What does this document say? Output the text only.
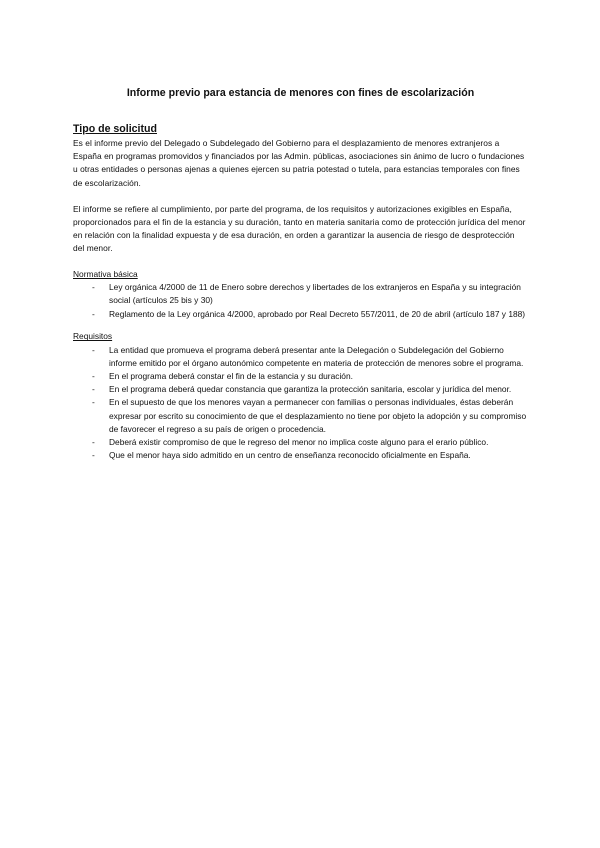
Informe previo para estancia de menores con fines de escolarización
Tipo de solicitud

Es el informe previo del Delegado o Subdelegado del Gobierno para el desplazamiento de menores extranjeros a España en programas promovidos y financiados por las Admin. públicas, asociaciones sin ánimo de lucro o fundaciones u otras entidades o personas ajenas a quienes ejercen su patria potestad o tutela, para estancias temporales con fines de escolarización.

El informe se refiere al cumplimiento, por parte del programa, de los requisitos y autorizaciones exigibles en España, proporcionados para el fin de la estancia y su duración, tanto en materia sanitaria como de protección jurídica del menor en relación con la finalidad expuesta y de esa duración, en orden a garantizar la ausencia de riesgo de desprotección del menor.

Normativa básica
- Ley orgánica 4/2000 de 11 de Enero sobre derechos y libertades de los extranjeros en España y su integración social (artículos 25 bis y 30)
- Reglamento de la Ley orgánica 4/2000, aprobado por Real Decreto 557/2011, de 20 de abril (artículo 187 y 188)
Requisitos
- La entidad que promueva el programa deberá presentar ante la Delegación o Subdelegación del Gobierno informe emitido por el órgano autonómico competente en materia de protección de menores sobre el programa.
- En el programa deberá constar el fin de la estancia y su duración.
- En el programa deberá quedar constancia que garantiza la protección sanitaria, escolar y jurídica del menor.
- En el supuesto de que los menores vayan a permanecer con familias o personas individuales, éstas deberán expresar por escrito su conocimiento de que el desplazamiento no tiene por objeto la adopción y su compromiso de favorecer el regreso a su país de origen o procedencia.
- Deberá existir compromiso de que le regreso del menor no implica coste alguno para el erario público.
- Que el menor haya sido admitido en un centro de enseñanza reconocido oficialmente en España.
